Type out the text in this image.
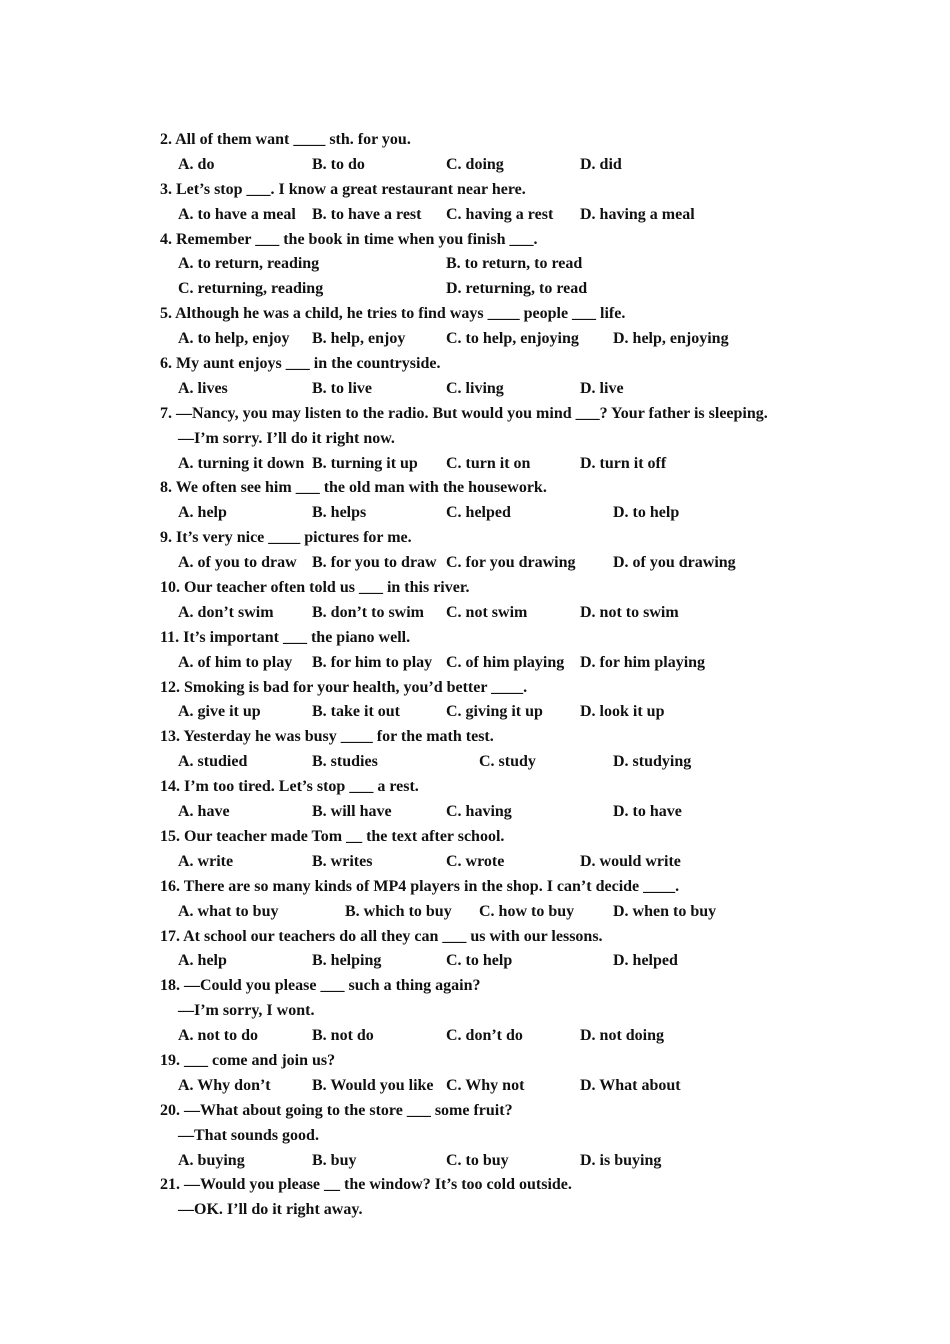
2. All of them want ____ sth. for you.
A. do	B. to do	C. doing	D. did
3. Let’s stop ___. I know a great restaurant near here.
A. to have a meal B. to have a rest C. having a rest D. having a meal
4. Remember ___ the book in time when you finish ___.
A. to return, reading	B. to return, to read
C. returning, reading	D. returning, to read
5. Although he was a child, he tries to find ways ____ people ___ life.
A. to help, enjoy B. help, enjoy	C. to help, enjoying D. help, enjoying
6. My aunt enjoys ___ in the countryside.
A. lives	B. to live	C. living	D. live
7. —Nancy, you may listen to the radio. But would you mind ___? Your father is sleeping.
—I’m sorry. I’ll do it right now.
A. turning it down B. turning it up C. turn it on	D. turn it off
8. We often see him ___ the old man with the housework.
A. help	B. helps	C. helped	D. to help
9. It’s very nice ____ pictures for me.
A. of you to draw B. for you to draw C. for you drawing D. of you drawing
10. Our teacher often told us ___ in this river.
A. don’t swim B. don’t to swim C. not swim	D. not to swim
11. It’s important ___ the piano well.
A. of him to play B. for him to play C. of him playing D. for him playing
12. Smoking is bad for your health, you’d better ____.
A. give it up	B. take it out	C. giving it up D. look it up
13. Yesterday he was busy ____ for the math test.
A. studied	B. studies	C. study	D. studying
14. I’m too tired. Let’s stop ___ a rest.
A. have	B. will have	C. having	D. to have
15. Our teacher made Tom __ the text after school.
A. write	B. writes	C. wrote	D. would write
16. There are so many kinds of MP4 players in the shop. I can’t decide ____.
A. what to buy	B. which to buy C. how to buy D. when to buy
17. At school our teachers do all they can ___ us with our lessons.
A. help	B. helping	C. to help	D. helped
18. —Could you please ___ such a thing again?
—I’m sorry, I wont.
A. not to do	B. not do	C. don’t do	D. not doing
19. ___ come and join us?
A. Why don’t	B. Would you like C. Why not	D. What about
20. —What about going to the store ___ some fruit?
—That sounds good.
A. buying	B. buy	C. to buy	D. is buying
21. —Would you please __ the window? It’s too cold outside.
—OK. I’ll do it right away.
